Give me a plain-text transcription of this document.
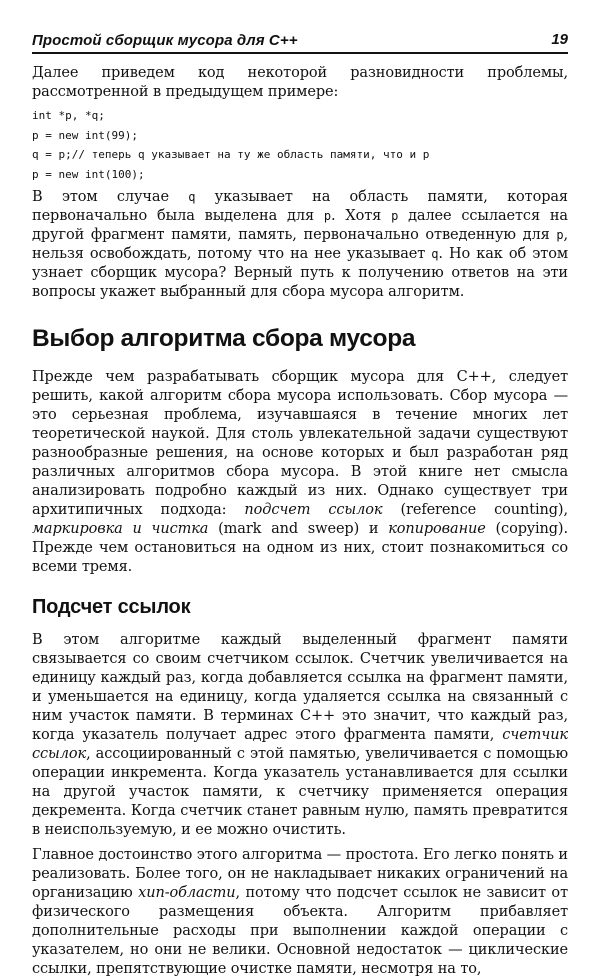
Простой сборщик мусора для С++	19

Далее приведем код некоторой разновидности проблемы, рассмотренной в предыдущем примере:

int *p, *q;
p = new int(99);
q = p;// теперь q указывает на ту же область памяти, что и p
p = new int(100);

В этом случае q указывает на область памяти, которая первоначально была выделена для p. Хотя p далее ссылается на другой фрагмент памяти, память, первоначально отведенную для p, нельзя освобождать, потому что на нее указывает q. Но как об этом узнает сборщик мусора? Верный путь к получению ответов на эти вопросы укажет выбранный для сбора мусора алгоритм.

Выбор алгоритма сбора мусора

Прежде чем разрабатывать сборщик мусора для С++, следует решить, какой алгоритм сбора мусора использовать. Сбор мусора — это серьезная проблема, изучавшаяся в течение многих лет теоретической наукой. Для столь увлекательной задачи существуют разнообразные решения, на основе которых и был разработан ряд различных алгоритмов сбора мусора. В этой книге нет смысла анализировать подробно каждый из них. Однако существует три архитипичных подхода: подсчет ссылок (reference counting), маркировка и чистка (mark and sweep) и копирование (copying). Прежде чем остановиться на одном из них, стоит познакомиться со всеми тремя.

Подсчет ссылок

В этом алгоритме каждый выделенный фрагмент памяти связывается со своим счетчиком ссылок. Счетчик увеличивается на единицу каждый раз, когда добавляется ссылка на фрагмент памяти, и уменьшается на единицу, когда удаляется ссылка на связанный с ним участок памяти. В терминах С++ это значит, что каждый раз, когда указатель получает адрес этого фрагмента памяти, счетчик ссылок, ассоциированный с этой памятью, увеличивается с помощью операции инкремента. Когда указатель устанавливается для ссылки на другой участок памяти, к счетчику применяется операция декремента. Когда счетчик станет равным нулю, память превратится в неиспользуемую, и ее можно очистить.

Главное достоинство этого алгоритма — простота. Его легко понять и реализовать. Более того, он не накладывает никаких ограничений на организацию хип-области, потому что подсчет ссылок не зависит от физического размещения объекта. Алгоритм прибавляет дополнительные расходы при выполнении каждой операции с указателем, но они не велики. Основной недостаток — циклические ссылки, препятствующие очистке памяти, несмотря на то,
